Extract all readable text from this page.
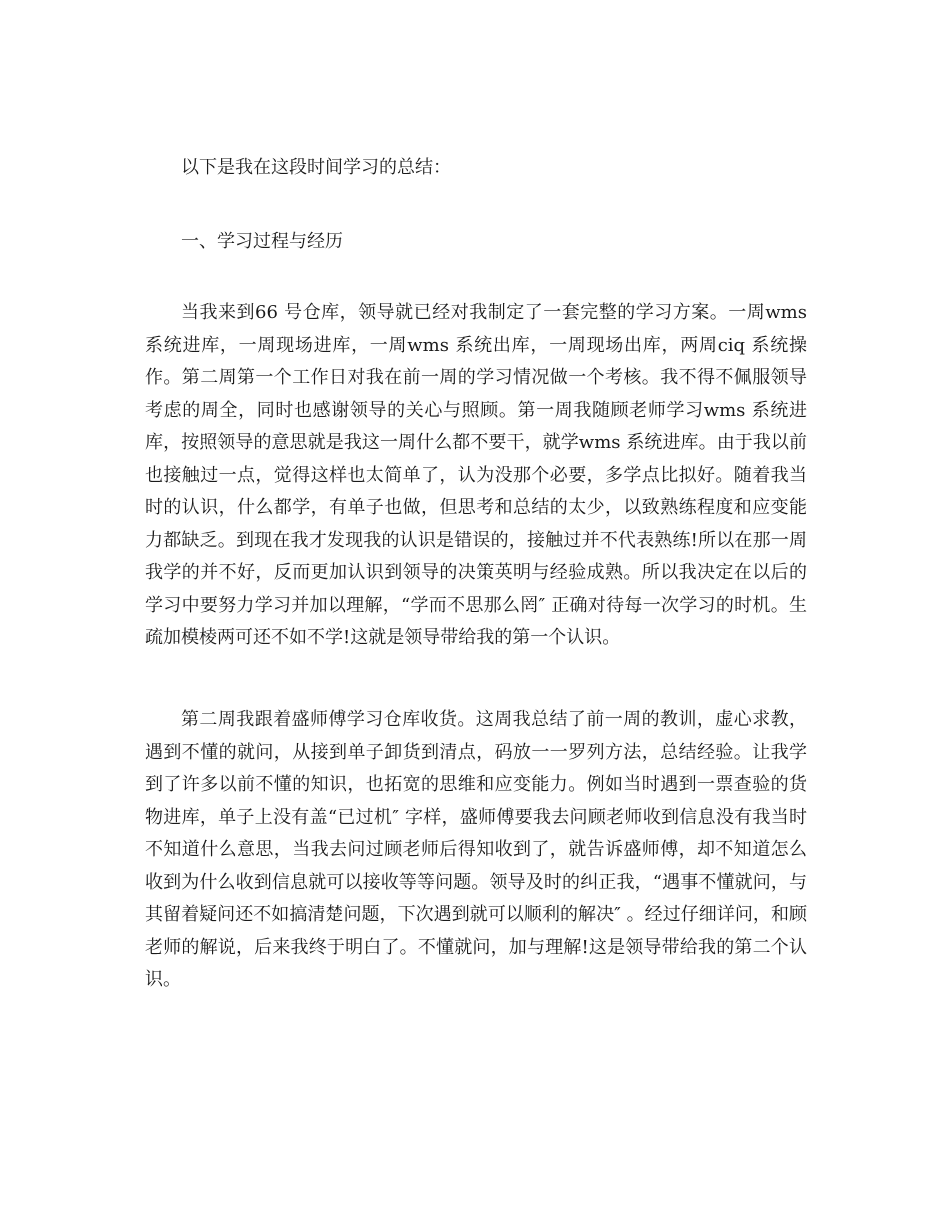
以下是我在这段时间学习的总结：

一、学习过程与经历

当我来到66 号仓库，领导就已经对我制定了一套完整的学习方案。一周wms系统进库，一周现场进库，一周wms 系统出库，一周现场出库，两周ciq 系统操作。第二周第一个工作日对我在前一周的学习情况做一个考核。我不得不佩服领导考虑的周全，同时也感谢领导的关心与照顾。第一周我随顾老师学习wms 系统进库，按照领导的意思就是我这一周什么都不要干，就学wms 系统进库。由于我以前也接触过一点，觉得这样也太简单了，认为没那个必要，多学点比拟好。随着我当时的认识，什么都学，有单子也做，但思考和总结的太少，以致熟练程度和应变能力都缺乏。到现在我才发现我的认识是错误的，接触过并不代表熟练!所以在那一周我学的并不好，反而更加认识到领导的决策英明与经验成熟。所以我决定在以后的学习中要努力学习并加以理解，“学而不思那么罔″ 正确对待每一次学习的时机。生疏加模棱两可还不如不学!这就是领导带给我的第一个认识。

第二周我跟着盛师傅学习仓库收货。这周我总结了前一周的教训，虚心求教，遇到不懂的就问，从接到单子卸货到清点，码放一一罗列方法，总结经验。让我学到了许多以前不懂的知识，也拓宽的思维和应变能力。例如当时遇到一票查验的货物进库，单子上没有盖“已过机″ 字样，盛师傅要我去问顾老师收到信息没有我当时不知道什么意思，当我去问过顾老师后得知收到了，就告诉盛师傅，却不知道怎么收到为什么收到信息就可以接收等等问题。领导及时的纠正我，“遇事不懂就问，与其留着疑问还不如搞清楚问题，下次遇到就可以顺利的解决″ 。经过仔细详问，和顾老师的解说，后来我终于明白了。不懂就问，加与理解!这是领导带给我的第二个认识。
